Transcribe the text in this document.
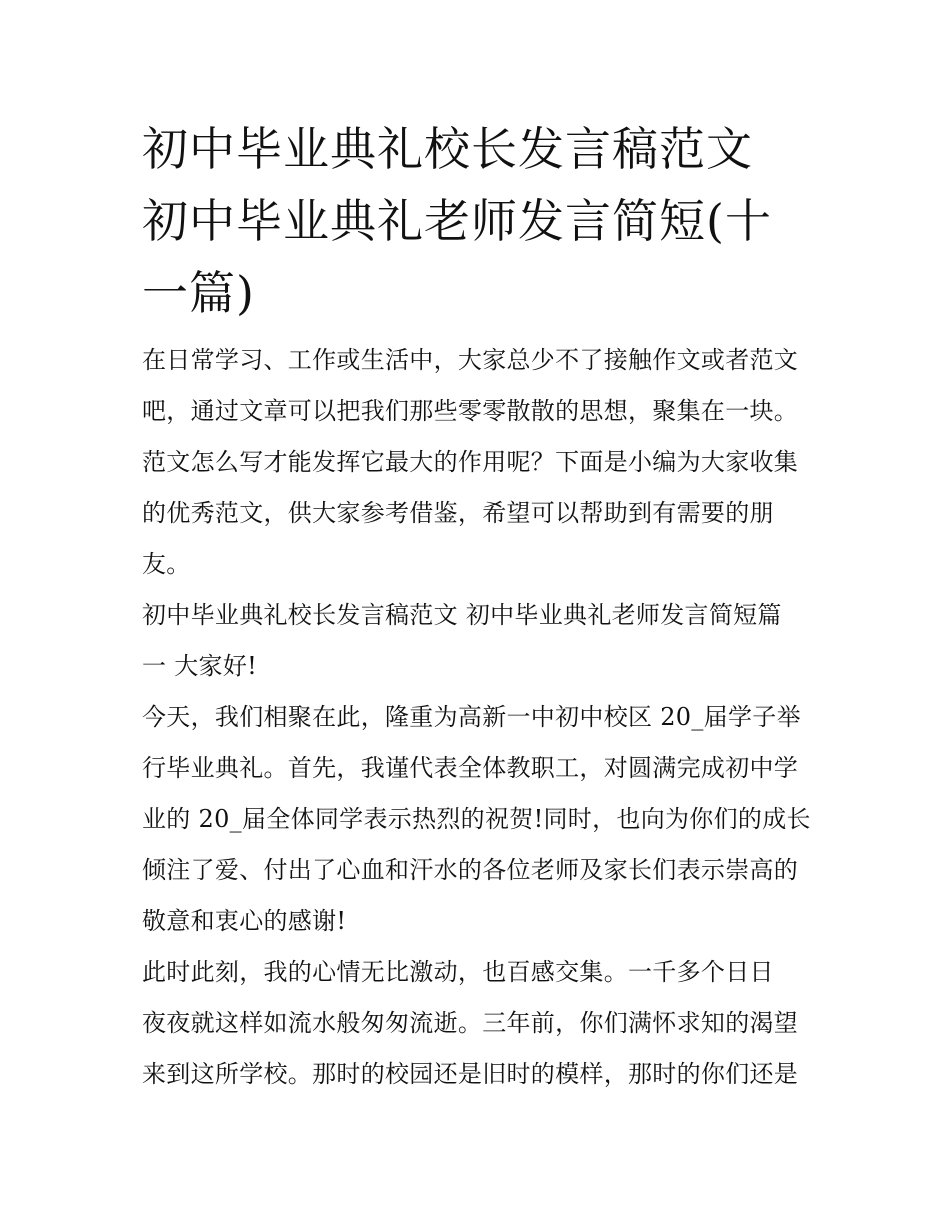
初中毕业典礼校长发言稿范文
初中毕业典礼老师发言简短(十
一篇)

在日常学习、工作或生活中，大家总少不了接触作文或者范文
吧，通过文章可以把我们那些零零散散的思想，聚集在一块。
范文怎么写才能发挥它最大的作用呢？下面是小编为大家收集
的优秀范文，供大家参考借鉴，希望可以帮助到有需要的朋
友。

初中毕业典礼校长发言稿范文 初中毕业典礼老师发言简短篇
一 大家好!

今天，我们相聚在此，隆重为高新一中初中校区 20_届学子举
行毕业典礼。首先，我谨代表全体教职工，对圆满完成初中学
业的 20_届全体同学表示热烈的祝贺!同时，也向为你们的成长
倾注了爱、付出了心血和汗水的各位老师及家长们表示崇高的
敬意和衷心的感谢!

此时此刻，我的心情无比激动，也百感交集。一千多个日日
夜夜就这样如流水般匆匆流逝。三年前，你们满怀求知的渴望
来到这所学校。那时的校园还是旧时的模样，那时的你们还是
